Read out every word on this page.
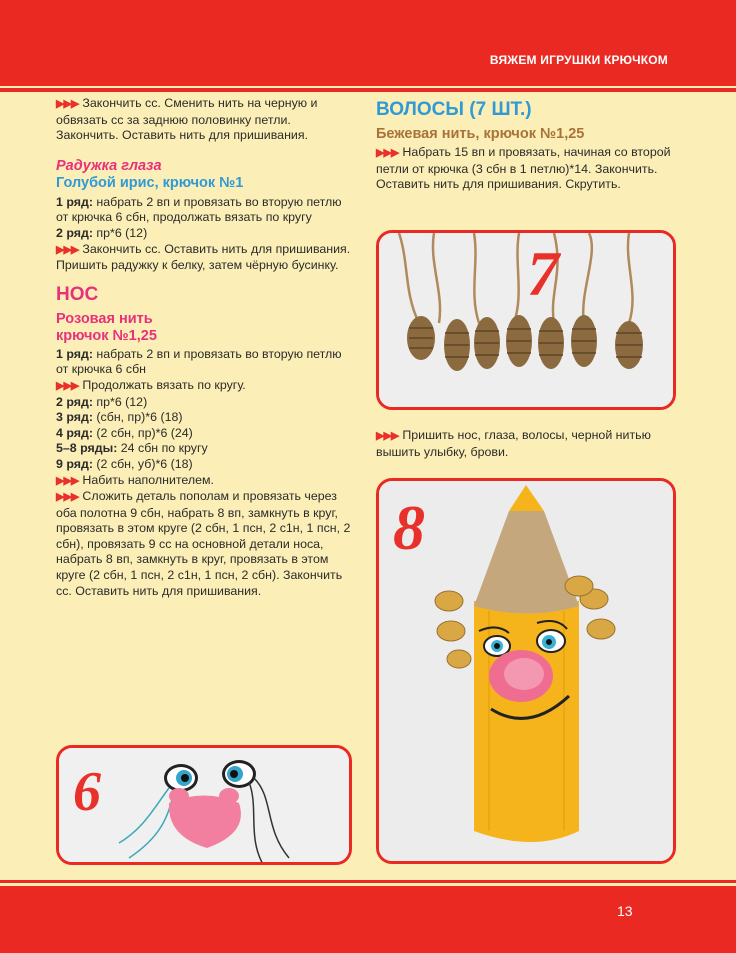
ВЯЖЕМ ИГРУШКИ КРЮЧКОМ

▶▶▶ Закончить сс. Сменить нить на черную и обвязать сс за заднюю половинку петли. Закончить. Оставить нить для пришивания.

Радужка глаза
Голубой ирис, крючок №1

1 ряд: набрать 2 вп и провязать во вторую петлю от крючка 6 сбн, продолжать вязать по кругу

2 ряд: пр*6 (12)

▶▶▶ Закончить сс. Оставить нить для пришивания. Пришить радужку к белку, затем чёрную бусинку.

НОС
Розовая нить
крючок №1,25

1 ряд: набрать 2 вп и провязать во вторую петлю от крючка 6 сбн

▶▶▶ Продолжать вязать по кругу.

2 ряд: пр*6 (12)

3 ряд: (сбн, пр)*6 (18)

4 ряд: (2 сбн, пр)*6 (24)

5–8 ряды: 24 сбн по кругу

9 ряд: (2 сбн, уб)*6 (18)

▶▶▶ Набить наполнителем.

▶▶▶ Сложить деталь пополам и провязать через оба полотна 9 сбн, набрать 8 вп, замкнуть в круг, провязать в этом круге (2 сбн, 1 псн, 2 с1н, 1 псн, 2 сбн), провязать 9 сс на основной детали носа, набрать 8 вп, замкнуть в круг, провязать в этом круге (2 сбн, 1 псн, 2 с1н, 1 псн, 2 сбн). Закончить сс. Оставить нить для пришивания.

ВОЛОСЫ (7 ШТ.)
Бежевая нить, крючок №1,25

▶▶▶ Набрать 15 вп и провязать, начиная со второй петли от крючка (3 сбн в 1 петлю)*14. Закончить. Оставить нить для пришивания. Скрутить.

▶▶▶ Пришить нос, глаза, волосы, черной нитью вышить улыбку, брови.

6
7
8
13
